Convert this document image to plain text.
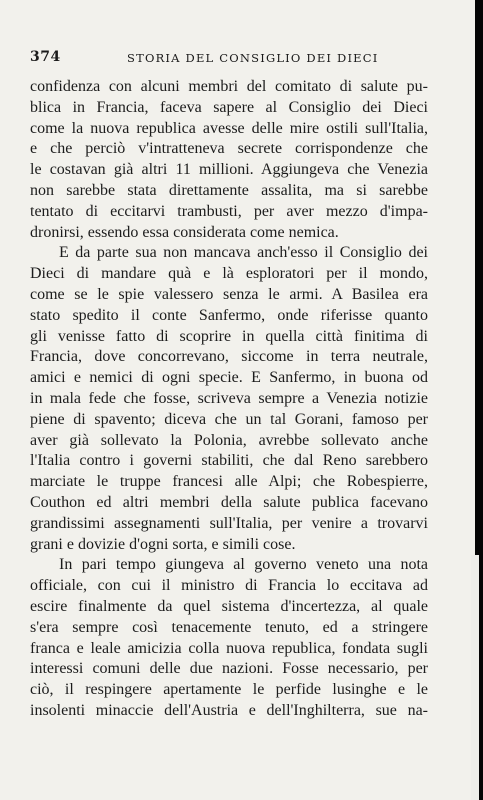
374	STORIA DEL CONSIGLIO DEI DIECI
confidenza con alcuni membri del comitato di salute pu-
blica in Francia, faceva sapere al Consiglio dei Dieci
come la nuova republica avesse delle mire ostili sull'Italia,
e che perciò v'intratteneva secrete corrispondenze che
le costavan già altri 11 millioni. Aggiungeva che Venezia
non sarebbe stata direttamente assalita, ma si sarebbe
tentato di eccitarvi trambusti, per aver mezzo d'impa-
dronirsi, essendo essa considerata come nemica.
E da parte sua non mancava anch'esso il Consiglio dei
Dieci di mandare quà e là esploratori per il mondo,
come se le spie valessero senza le armi. A Basilea era
stato spedito il conte Sanfermo, onde riferisse quanto
gli venisse fatto di scoprire in quella città finitima di
Francia, dove concorrevano, siccome in terra neutrale,
amici e nemici di ogni specie. E Sanfermo, in buona od
in mala fede che fosse, scriveva sempre a Venezia notizie
piene di spavento; diceva che un tal Gorani, famoso per
aver già sollevato la Polonia, avrebbe sollevato anche
l'Italia contro i governi stabiliti, che dal Reno sarebbero
marciate le truppe francesi alle Alpi; che Robespierre,
Couthon ed altri membri della salute publica facevano
grandissimi assegnamenti sull'Italia, per venire a trovarvi
grani e dovizie d'ogni sorta, e simili cose.
In pari tempo giungeva al governo veneto una nota
officiale, con cui il ministro di Francia lo eccitava ad
escire finalmente da quel sistema d'incertezza, al quale
s'era sempre così tenacemente tenuto, ed a stringere
franca e leale amicizia colla nuova republica, fondata sugli
interessi comuni delle due nazioni. Fosse necessario, per
ciò, il respingere apertamente le perfide lusinghe e le
insolenti minaccie dell'Austria e dell'Inghilterra, sue na-
